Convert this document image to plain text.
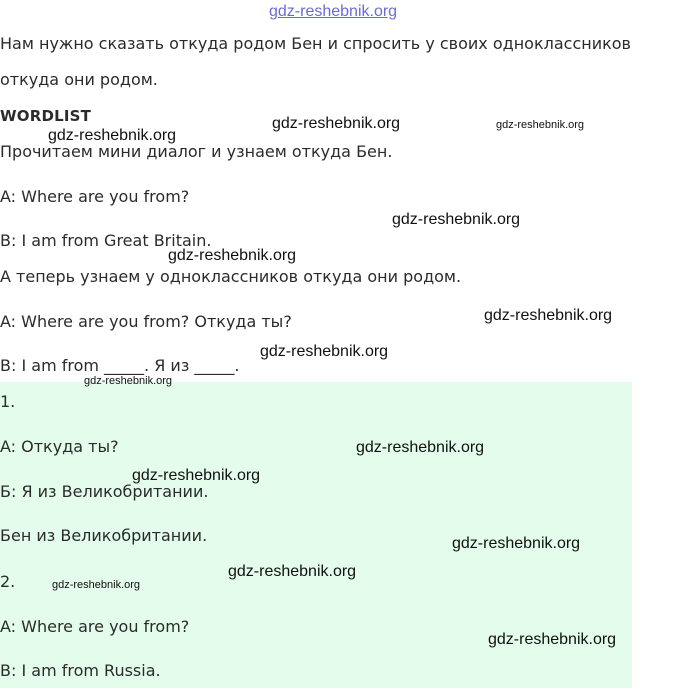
gdz-reshebnik.org
Нам нужно сказать откуда родом Бен и спросить у своих одноклассников
откуда они родом.
WORDLIST
Прочитаем мини диалог и узнаем откуда Бен.
A: Where are you from?
B: I am from Great Britain.
А теперь узнаем у одноклассников откуда они родом.
A: Where are you from? Откуда ты?
B: I am from _____. Я из _____.
1.
A: Откуда ты?
Б: Я из Великобритании.
Бен из Великобритании.
2.
A: Where are you from?
B: I am from Russia.
gdz-reshebnik.org
gdz-reshebnik.org	gdz-reshebnik.org
gdz-reshebnik.org
gdz-reshebnik.org
gdz-reshebnik.org
gdz-reshebnik.org
gdz-reshebnik.org
gdz-reshebnik.org
gdz-reshebnik.org
gdz-reshebnik.org
gdz-reshebnik.org
gdz-reshebnik.org
gdz-reshebnik.org
